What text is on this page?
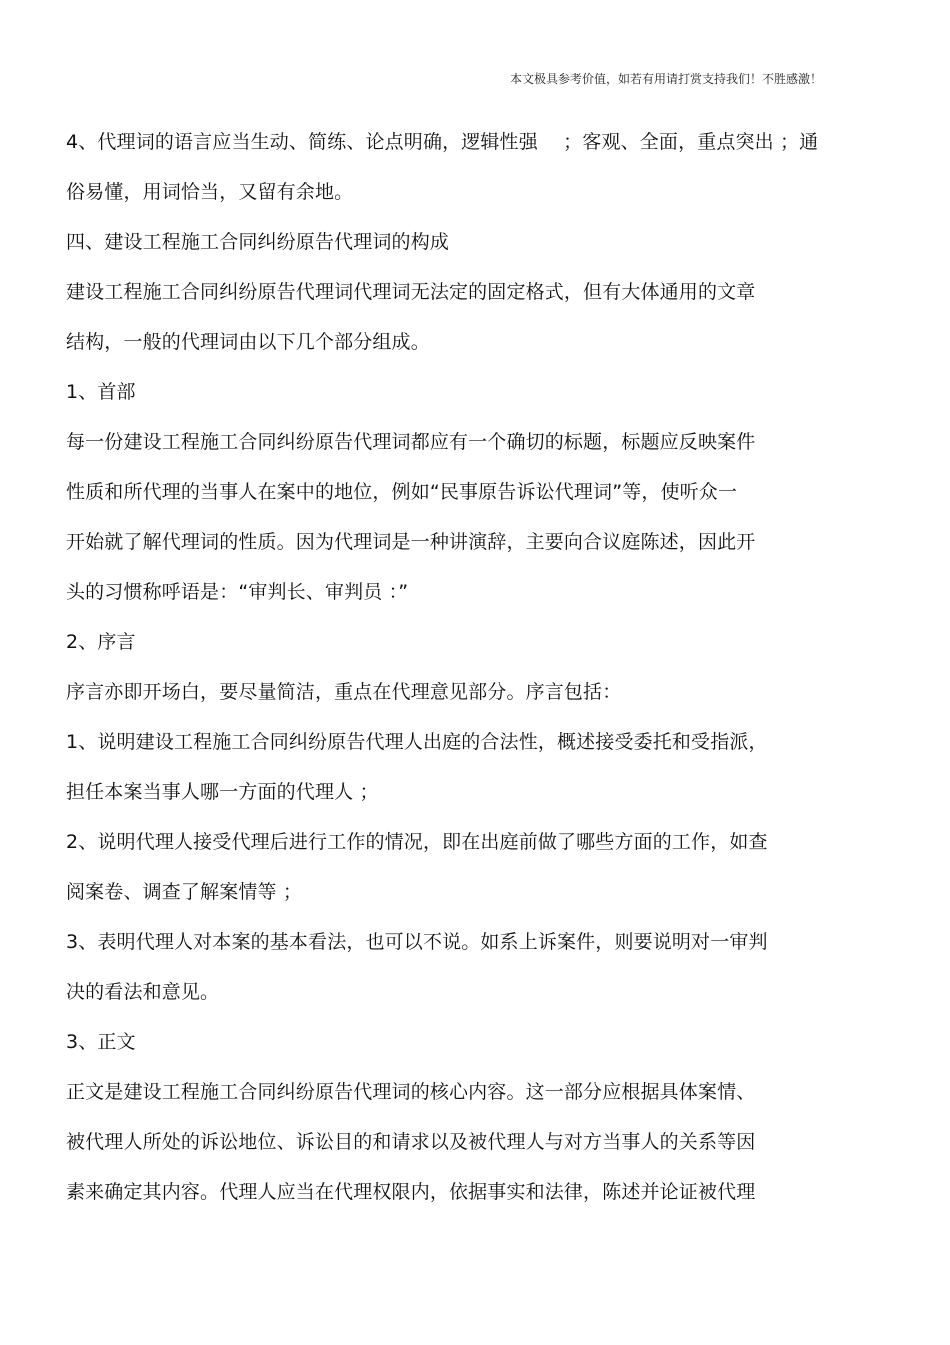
本文极具参考价值，如若有用请打赏支持我们！不胜感激！
4、代理词的语言应当生动、简练、论点明确，逻辑性强　 ；客观、全面，重点突出 ；通
俗易懂，用词恰当，又留有余地。
四、建设工程施工合同纠纷原告代理词的构成
建设工程施工合同纠纷原告代理词代理词无法定的固定格式，但有大体通用的文章
结构，一般的代理词由以下几个部分组成。
1、首部
每一份建设工程施工合同纠纷原告代理词都应有一个确切的标题，标题应反映案件
性质和所代理的当事人在案中的地位，例如“民事原告诉讼代理词”等，使听众一
开始就了解代理词的性质。因为代理词是一种讲演辞，主要向合议庭陈述，因此开
头的习惯称呼语是：“审判长、审判员 ：”
2、序言
序言亦即开场白，要尽量简洁，重点在代理意见部分。序言包括：
1、说明建设工程施工合同纠纷原告代理人出庭的合法性，概述接受委托和受指派，
担任本案当事人哪一方面的代理人 ；
2、说明代理人接受代理后进行工作的情况，即在出庭前做了哪些方面的工作，如查
阅案卷、调查了解案情等 ；
3、表明代理人对本案的基本看法，也可以不说。如系上诉案件，则要说明对一审判
决的看法和意见。
3、正文
正文是建设工程施工合同纠纷原告代理词的核心内容。这一部分应根据具体案情、
被代理人所处的诉讼地位、诉讼目的和请求以及被代理人与对方当事人的关系等因
素来确定其内容。代理人应当在代理权限内，依据事实和法律，陈述并论证被代理
